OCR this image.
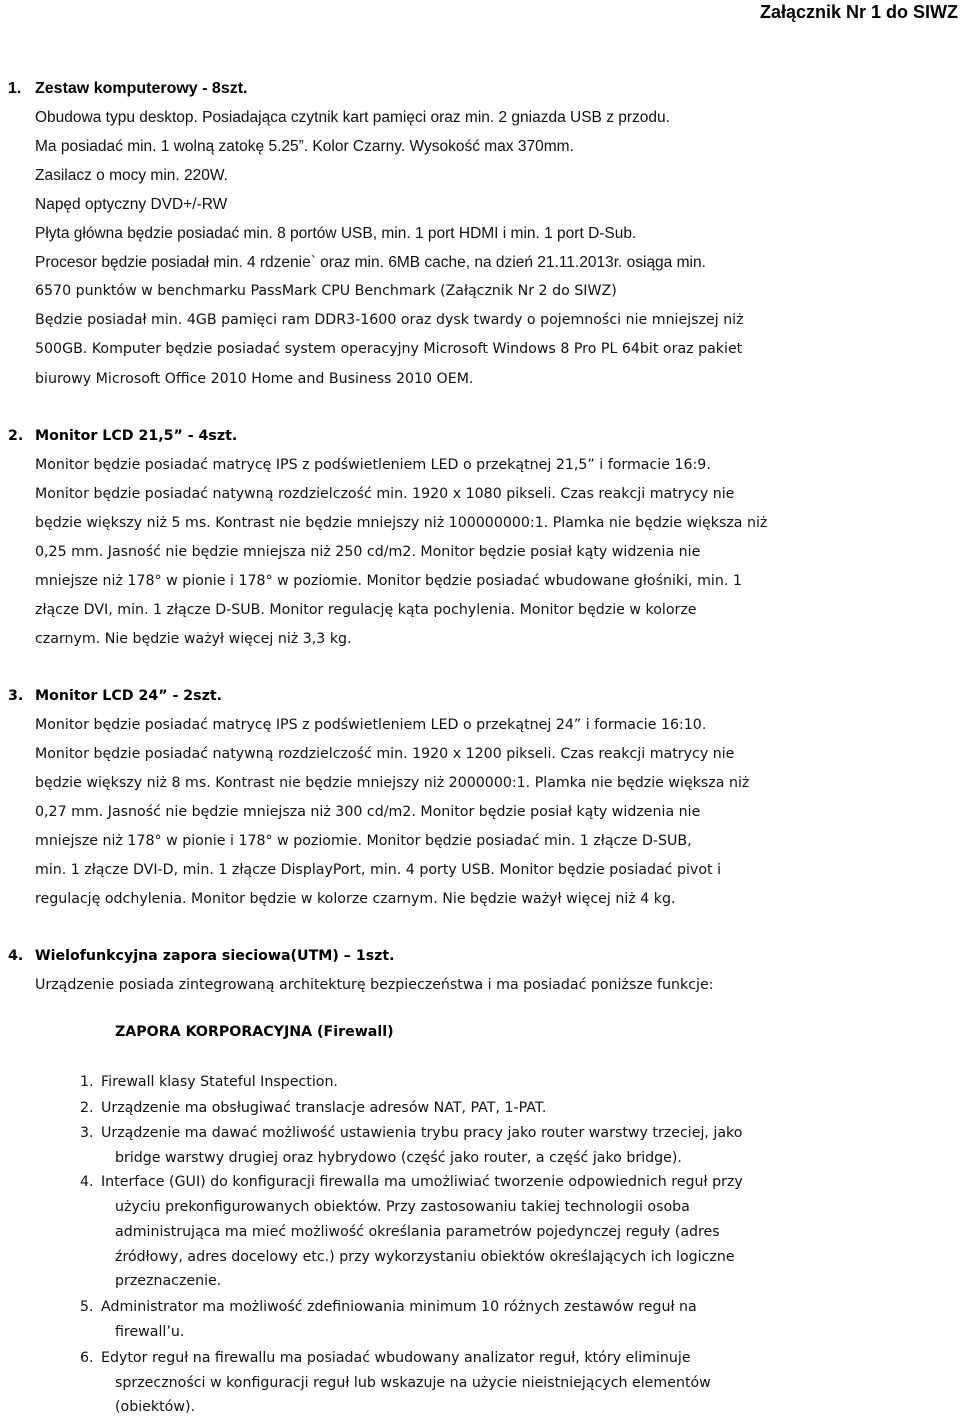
Załącznik Nr 1 do SIWZ
1. Zestaw komputerowy - 8szt.
Obudowa typu desktop. Posiadająca czytnik kart pamięci oraz min. 2 gniazda USB z przodu.
Ma posiadać min. 1 wolną zatokę 5.25”. Kolor Czarny. Wysokość max 370mm.
Zasilacz o mocy min. 220W.
Napęd optyczny DVD+/-RW
Płyta główna będzie posiadać min. 8 portów USB, min. 1 port HDMI i min. 1 port D-Sub.
Procesor będzie posiadał min. 4 rdzenie` oraz min. 6MB cache, na dzień 21.11.2013r. osiąga min.
6570 punktów w benchmarku PassMark CPU Benchmark (Załącznik Nr 2 do SIWZ)
Będzie posiadał min. 4GB pamięci ram DDR3-1600 oraz dysk twardy o pojemności nie mniejszej niż
500GB. Komputer będzie posiadać system operacyjny Microsoft Windows 8 Pro PL 64bit oraz pakiet
biurowy Microsoft Office 2010 Home and Business 2010 OEM.
2. Monitor LCD 21,5” - 4szt.
Monitor będzie posiadać matrycę IPS z podświetleniem LED o przekątnej 21,5” i formacie 16:9.
Monitor będzie posiadać natywną rozdzielczość min. 1920 x 1080 pikseli. Czas reakcji matrycy nie
będzie większy niż 5 ms. Kontrast nie będzie mniejszy niż 100000000:1. Plamka nie będzie większa niż
0,25 mm. Jasność nie będzie mniejsza niż 250 cd/m2. Monitor będzie posiał kąty widzenia nie
mniejsze niż 178° w pionie i 178° w poziomie. Monitor będzie posiadać wbudowane głośniki, min. 1
złącze DVI, min. 1 złącze D-SUB. Monitor regulację kąta pochylenia. Monitor będzie w kolorze
czarnym. Nie będzie ważył więcej niż 3,3 kg.
3. Monitor LCD 24” - 2szt.
Monitor będzie posiadać matrycę IPS z podświetleniem LED o przekątnej 24” i formacie 16:10.
Monitor będzie posiadać natywną rozdzielczość min. 1920 x 1200 pikseli. Czas reakcji matrycy nie
będzie większy niż 8 ms. Kontrast nie będzie mniejszy niż 2000000:1. Plamka nie będzie większa niż
0,27 mm. Jasność nie będzie mniejsza niż 300 cd/m2. Monitor będzie posiał kąty widzenia nie
mniejsze niż 178° w pionie i 178° w poziomie. Monitor będzie posiadać min. 1 złącze D-SUB,
min. 1 złącze DVI-D, min. 1 złącze DisplayPort, min. 4 porty USB. Monitor będzie posiadać pivot i
regulację odchylenia. Monitor będzie w kolorze czarnym. Nie będzie ważył więcej niż 4 kg.
4. Wielofunkcyjna zapora sieciowa(UTM) – 1szt.
Urządzenie posiada zintegrowaną architekturę bezpieczeństwa i ma posiadać poniższe funkcje:
ZAPORA KORPORACYJNA (Firewall)
1. Firewall klasy Stateful Inspection.
2. Urządzenie ma obsługiwać translacje adresów NAT, PAT, 1-PAT.
3. Urządzenie ma dawać możliwość ustawienia trybu pracy jako router warstwy trzeciej, jako
bridge warstwy drugiej oraz hybrydowo (część jako router, a część jako bridge).
4. Interface (GUI) do konfiguracji firewalla ma umożliwiać tworzenie odpowiednich reguł przy
użyciu prekonfigurowanych obiektów. Przy zastosowaniu takiej technologii osoba
administrująca ma mieć możliwość określania parametrów pojedynczej reguły (adres
źródłowy, adres docelowy etc.) przy wykorzystaniu obiektów określających ich logiczne
przeznaczenie.
5. Administrator ma możliwość zdefiniowania minimum 10 różnych zestawów reguł na
firewall’u.
6. Edytor reguł na firewallu ma posiadać wbudowany analizator reguł, który eliminuje
sprzeczności w konfiguracji reguł lub wskazuje na użycie nieistniejących elementów
(obiektów).
